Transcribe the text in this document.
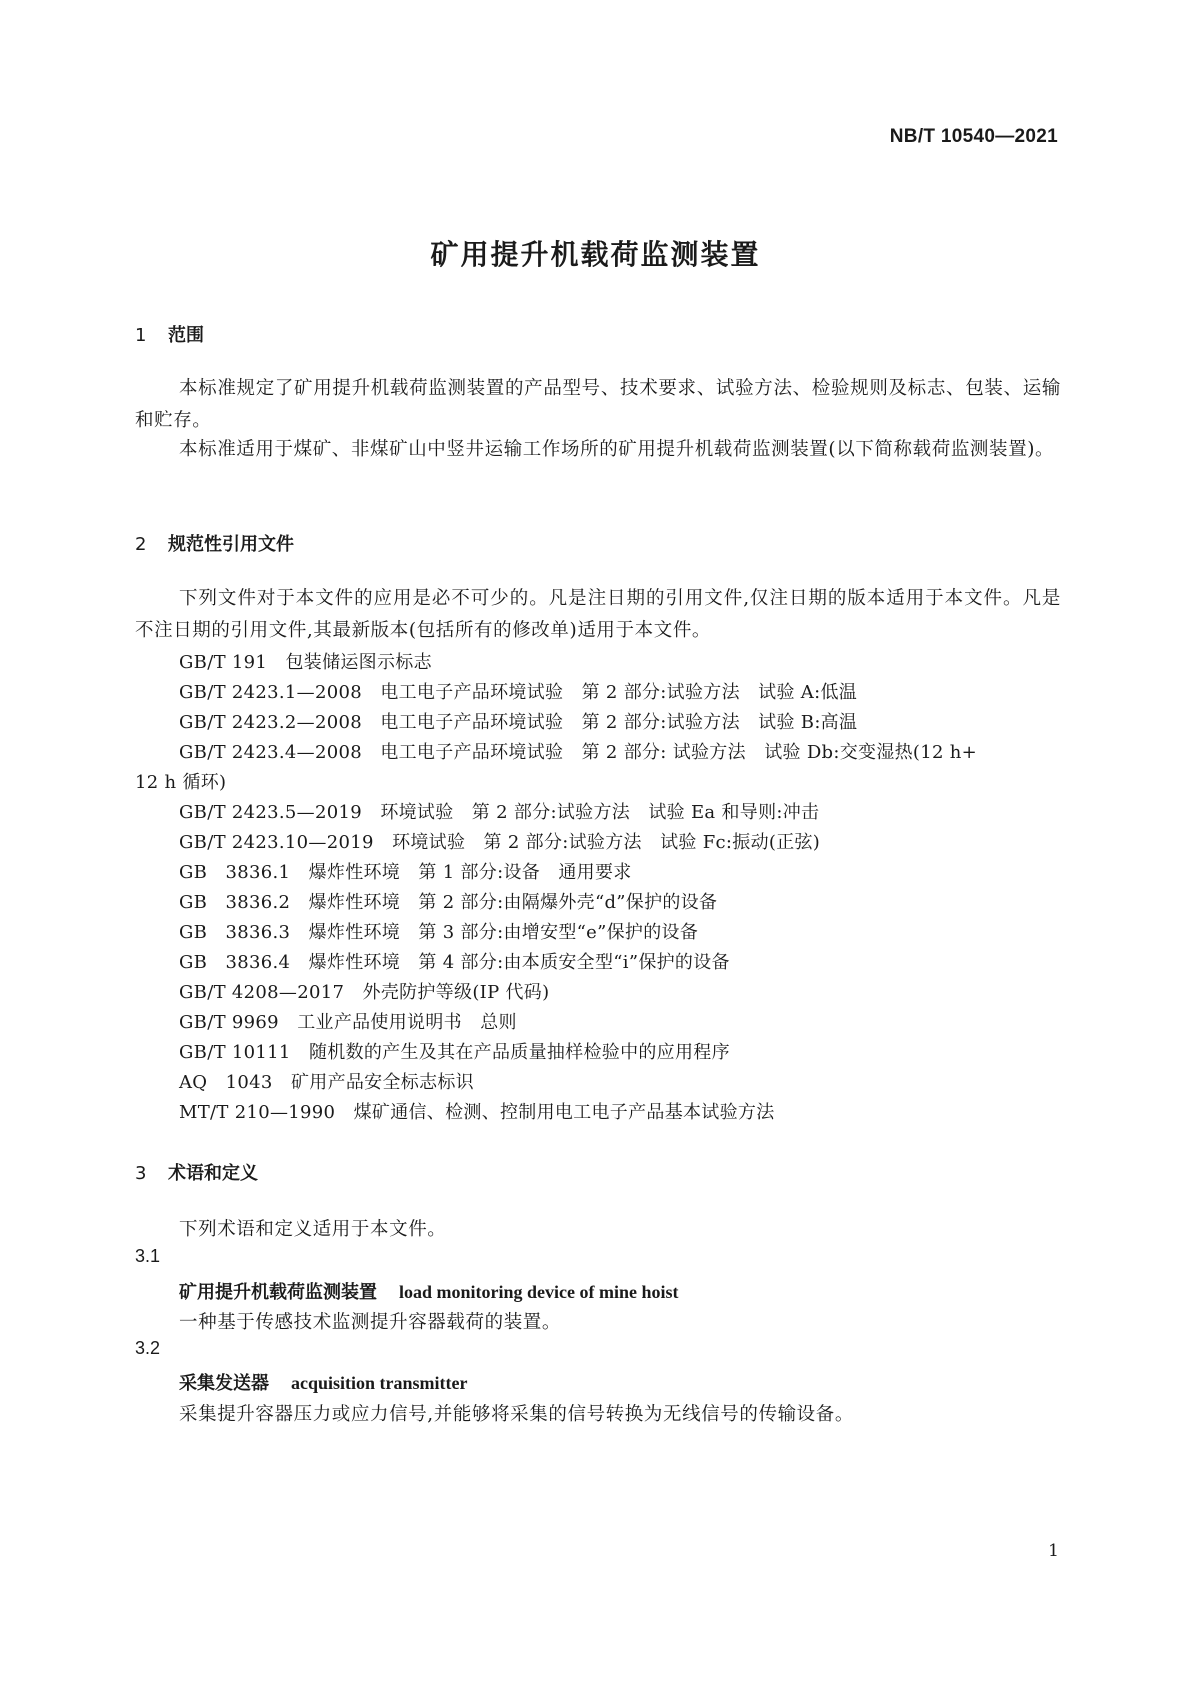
NB/T 10540—2021
矿用提升机载荷监测装置
1 范围
本标准规定了矿用提升机载荷监测装置的产品型号、技术要求、试验方法、检验规则及标志、包装、运输和贮存。
本标准适用于煤矿、非煤矿山中竖井运输工作场所的矿用提升机载荷监测装置(以下简称载荷监测装置)。
2 规范性引用文件
下列文件对于本文件的应用是必不可少的。凡是注日期的引用文件,仅注日期的版本适用于本文件。凡是不注日期的引用文件,其最新版本(包括所有的修改单)适用于本文件。
GB/T 191　 包装储运图示标志
GB/T 2423.1—2008　 电工电子产品环境试验　第 2 部分:试验方法　试验 A:低温
GB/T 2423.2—2008　 电工电子产品环境试验　第 2 部分:试验方法　试验 B:高温
GB/T 2423.4—2008　 电工电子产品环境试验　第 2 部分: 试验方法　试验 Db:交变湿热(12 h+
12 h 循环)
GB/T 2423.5—2019　 环境试验　第 2 部分:试验方法　试验 Ea 和导则:冲击
GB/T 2423.10—2019　 环境试验　第 2 部分:试验方法　试验 Fc:振动(正弦)
GB　3836.1　 爆炸性环境　第 1 部分:设备　通用要求
GB　3836.2　 爆炸性环境　第 2 部分:由隔爆外壳“d”保护的设备
GB　3836.3　 爆炸性环境　第 3 部分:由增安型“e”保护的设备
GB　3836.4　 爆炸性环境　第 4 部分:由本质安全型“i”保护的设备
GB/T 4208—2017　 外壳防护等级(IP 代码)
GB/T 9969　 工业产品使用说明书　总则
GB/T 10111　 随机数的产生及其在产品质量抽样检验中的应用程序
AQ　1043　 矿用产品安全标志标识
MT/T 210—1990　 煤矿通信、检测、控制用电工电子产品基本试验方法
3 术语和定义
下列术语和定义适用于本文件。
3.1
矿用提升机载荷监测装置 load monitoring device of mine hoist
一种基于传感技术监测提升容器载荷的装置。
3.2
采集发送器 acquisition transmitter
采集提升容器压力或应力信号,并能够将采集的信号转换为无线信号的传输设备。
1
